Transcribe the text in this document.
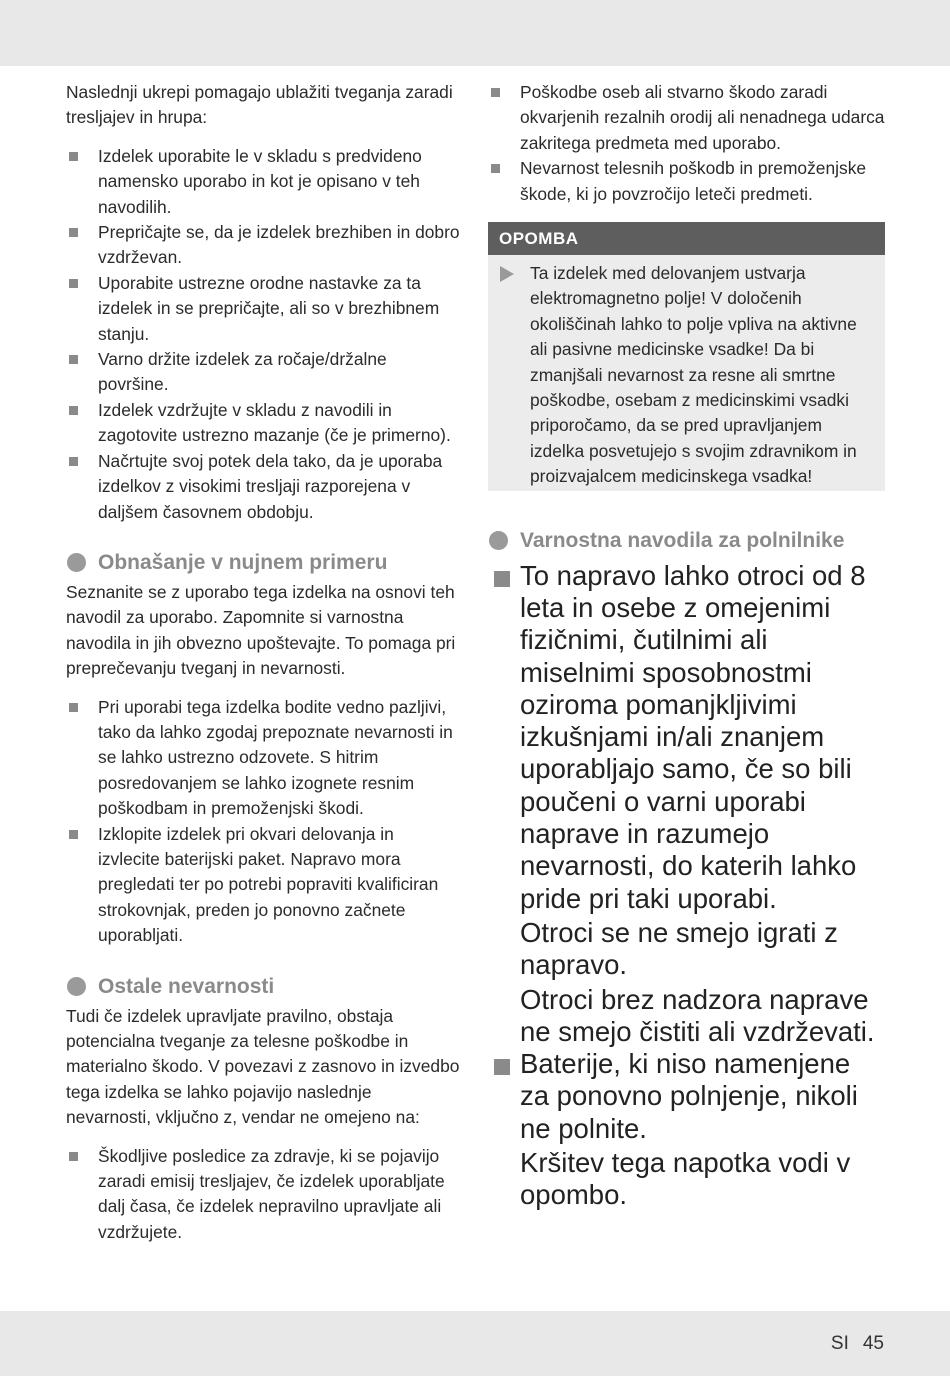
Naslednji ukrepi pomagajo ublažiti tveganja zaradi tresljajev in hrupa:

Izdelek uporabite le v skladu s predvideno namensko uporabo in kot je opisano v teh navodilih.
Prepričajte se, da je izdelek brezhiben in dobro vzdrževan.
Uporabite ustrezne orodne nastavke za ta izdelek in se prepričajte, ali so v brezhibnem stanju.
Varno držite izdelek za ročaje/držalne površine.
Izdelek vzdržujte v skladu z navodili in zagotovite ustrezno mazanje (če je primerno).
Načrtujte svoj potek dela tako, da je uporaba izdelkov z visokimi tresljaji razporejena v daljšem časovnem obdobju.
Obnašanje v nujnem primeru

Seznanite se z uporabo tega izdelka na osnovi teh navodil za uporabo. Zapomnite si varnostna navodila in jih obvezno upoštevajte. To pomaga pri preprečevanju tveganj in nevarnosti.

Pri uporabi tega izdelka bodite vedno pazljivi, tako da lahko zgodaj prepoznate nevarnosti in se lahko ustrezno odzovete. S hitrim posredovanjem se lahko izognete resnim poškodbam in premoženjski škodi.
Izklopite izdelek pri okvari delovanja in izvlecite baterijski paket. Napravo mora pregledati ter po potrebi popraviti kvalificiran strokovnjak, preden jo ponovno začnete uporabljati.
Ostale nevarnosti

Tudi če izdelek upravljate pravilno, obstaja potencialna tveganje za telesne poškodbe in materialno škodo. V povezavi z zasnovo in izvedbo tega izdelka se lahko pojavijo naslednje nevarnosti, vključno z, vendar ne omejeno na:

Škodljive posledice za zdravje, ki se pojavijo zaradi emisij tresljajev, če izdelek uporabljate dalj časa, če izdelek nepravilno upravljate ali vzdržujete.
Poškodbe oseb ali stvarno škodo zaradi okvarjenih rezalnih orodij ali nenadnega udarca zakritega predmeta med uporabo.
Nevarnost telesnih poškodb in premoženjske škode, ki jo povzročijo leteči predmeti.
OPOMBA
Ta izdelek med delovanjem ustvarja elektromagnetno polje! V določenih okoliščinah lahko to polje vpliva na aktivne ali pasivne medicinske vsadke! Da bi zmanjšali nevarnost za resne ali smrtne poškodbe, osebam z medicinskimi vsadki priporočamo, da se pred upravljanjem izdelka posvetujejo s svojim zdravnikom in proizvajalcem medicinskega vsadka!
Varnostna navodila za polnilnike
To napravo lahko otroci od 8 leta in osebe z omejenimi fizičnimi, čutilnimi ali miselnimi sposobnostmi oziroma pomanjkljivimi izkušnjami in/ali znanjem uporabljajo samo, če so bili poučeni o varni uporabi naprave in razumejo nevarnosti, do katerih lahko pride pri taki uporabi.
Otroci se ne smejo igrati z napravo.
Otroci brez nadzora naprave ne smejo čistiti ali vzdrževati.
Baterije, ki niso namenjene za ponovno polnjenje, nikoli ne polnite.
Kršitev tega napotka vodi v opombo.
SI 45
